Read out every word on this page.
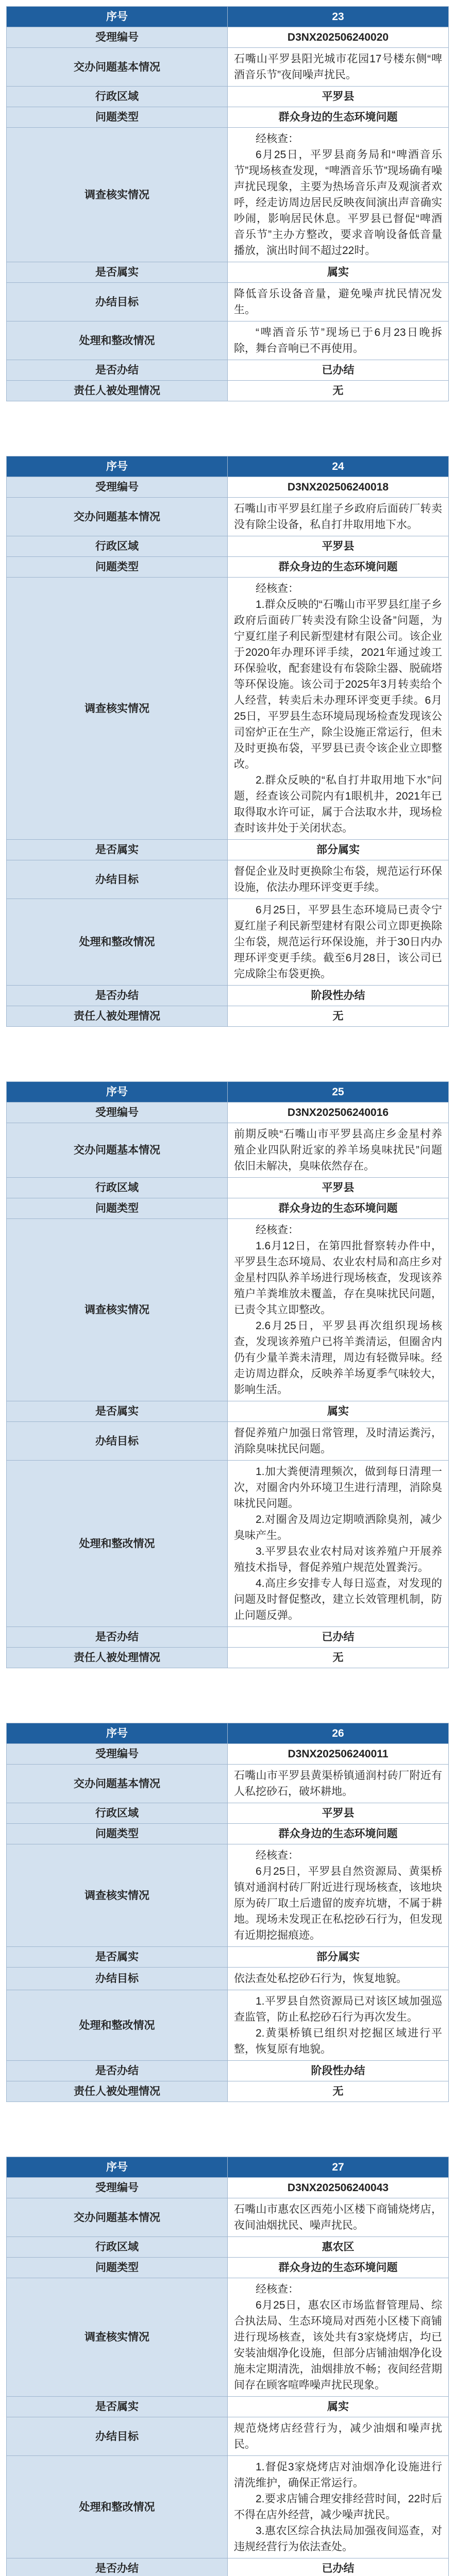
序号	23
受理编号	D3NX202506240020
交办问题基本情况	石嘴山平罗县阳光城市花园17号楼东侧“啤酒音乐节”夜间噪声扰民。
行政区域	平罗县
问题类型	群众身边的生态环境问题
调查核实情况	经核查：

6月25日，平罗县商务局和“啤酒音乐节”现场核查发现，“啤酒音乐节”现场确有噪声扰民现象，主要为热场音乐声及观演者欢呼，经走访周边居民反映夜间演出声音确实吵闹，影响居民休息。平罗县已督促“啤酒音乐节”主办方整改，要求音响设备低音量播放，演出时间不超过22时。

是否属实	属实
办结目标	降低音乐设备音量，避免噪声扰民情况发生。
处理和整改情况	“啤酒音乐节”现场已于6月23日晚拆除，舞台音响已不再使用。

是否办结	已办结
责任人被处理情况	无
序号	24
受理编号	D3NX202506240018
交办问题基本情况	石嘴山市平罗县红崖子乡政府后面砖厂转卖没有除尘设备，私自打井取用地下水。
行政区域	平罗县
问题类型	群众身边的生态环境问题
调查核实情况	经核查：

1.群众反映的“石嘴山市平罗县红崖子乡政府后面砖厂转卖没有除尘设备”问题，为宁夏红崖子利民新型建材有限公司。该企业于2020年办理环评手续，2021年通过竣工环保验收，配套建设有布袋除尘器、脱硫塔等环保设施。该公司于2025年3月转卖给个人经营，转卖后未办理环评变更手续。6月25日，平罗县生态环境局现场检查发现该公司窑炉正在生产，除尘设施正常运行，但未及时更换布袋，平罗县已责令该企业立即整改。

2.群众反映的“私自打井取用地下水”问题，经查该公司院内有1眼机井，2021年已取得取水许可证，属于合法取水井，现场检查时该井处于关闭状态。

是否属实	部分属实
办结目标	督促企业及时更换除尘布袋，规范运行环保设施，依法办理环评变更手续。
处理和整改情况	6月25日，平罗县生态环境局已责令宁夏红崖子利民新型建材有限公司立即更换除尘布袋，规范运行环保设施，并于30日内办理环评变更手续。截至6月28日，该公司已完成除尘布袋更换。

是否办结	阶段性办结
责任人被处理情况	无
序号	25
受理编号	D3NX202506240016
交办问题基本情况	前期反映“石嘴山市平罗县高庄乡金星村养殖企业四队附近家的养羊场臭味扰民”问题依旧未解决，臭味依然存在。
行政区域	平罗县
问题类型	群众身边的生态环境问题
调查核实情况	经核查：

1.6月12日，在第四批督察转办件中，平罗县生态环境局、农业农村局和高庄乡对金星村四队养羊场进行现场核查，发现该养殖户羊粪堆放未覆盖，存在臭味扰民问题，已责令其立即整改。

2.6月25日，平罗县再次组织现场核查，发现该养殖户已将羊粪清运，但圈舍内仍有少量羊粪未清理，周边有轻微异味。经走访周边群众，反映养羊场夏季气味较大，影响生活。

是否属实	属实
办结目标	督促养殖户加强日常管理，及时清运粪污，消除臭味扰民问题。
处理和整改情况	1.加大粪便清理频次，做到每日清理一次，对圈舍内外环境卫生进行清理，消除臭味扰民问题。

2.对圈舍及周边定期喷洒除臭剂，减少臭味产生。

3.平罗县农业农村局对该养殖户开展养殖技术指导，督促养殖户规范处置粪污。

4.高庄乡安排专人每日巡查，对发现的问题及时督促整改，建立长效管理机制，防止问题反弹。

是否办结	已办结
责任人被处理情况	无
序号	26
受理编号	D3NX202506240011
交办问题基本情况	石嘴山市平罗县黄渠桥镇通润村砖厂附近有人私挖砂石，破坏耕地。
行政区域	平罗县
问题类型	群众身边的生态环境问题
调查核实情况	经核查：

6月25日，平罗县自然资源局、黄渠桥镇对通润村砖厂附近进行现场核查，该地块原为砖厂取土后遗留的废弃坑塘，不属于耕地。现场未发现正在私挖砂石行为，但发现有近期挖掘痕迹。

是否属实	部分属实
办结目标	依法查处私挖砂石行为，恢复地貌。
处理和整改情况	1.平罗县自然资源局已对该区域加强巡查监管，防止私挖砂石行为再次发生。

2.黄渠桥镇已组织对挖掘区域进行平整，恢复原有地貌。

是否办结	阶段性办结
责任人被处理情况	无
序号	27
受理编号	D3NX202506240043
交办问题基本情况	石嘴山市惠农区西苑小区楼下商铺烧烤店，夜间油烟扰民、噪声扰民。
行政区域	惠农区
问题类型	群众身边的生态环境问题
调查核实情况	经核查：

6月25日，惠农区市场监督管理局、综合执法局、生态环境局对西苑小区楼下商铺进行现场核查，该处共有3家烧烤店，均已安装油烟净化设施，但部分店铺油烟净化设施未定期清洗，油烟排放不畅；夜间经营期间存在顾客喧哗噪声扰民现象。

是否属实	属实
办结目标	规范烧烤店经营行为，减少油烟和噪声扰民。
处理和整改情况	1.督促3家烧烤店对油烟净化设施进行清洗维护，确保正常运行。

2.要求店铺合理安排经营时间，22时后不得在店外经营，减少噪声扰民。

3.惠农区综合执法局加强夜间巡查，对违规经营行为依法查处。

是否办结	已办结
